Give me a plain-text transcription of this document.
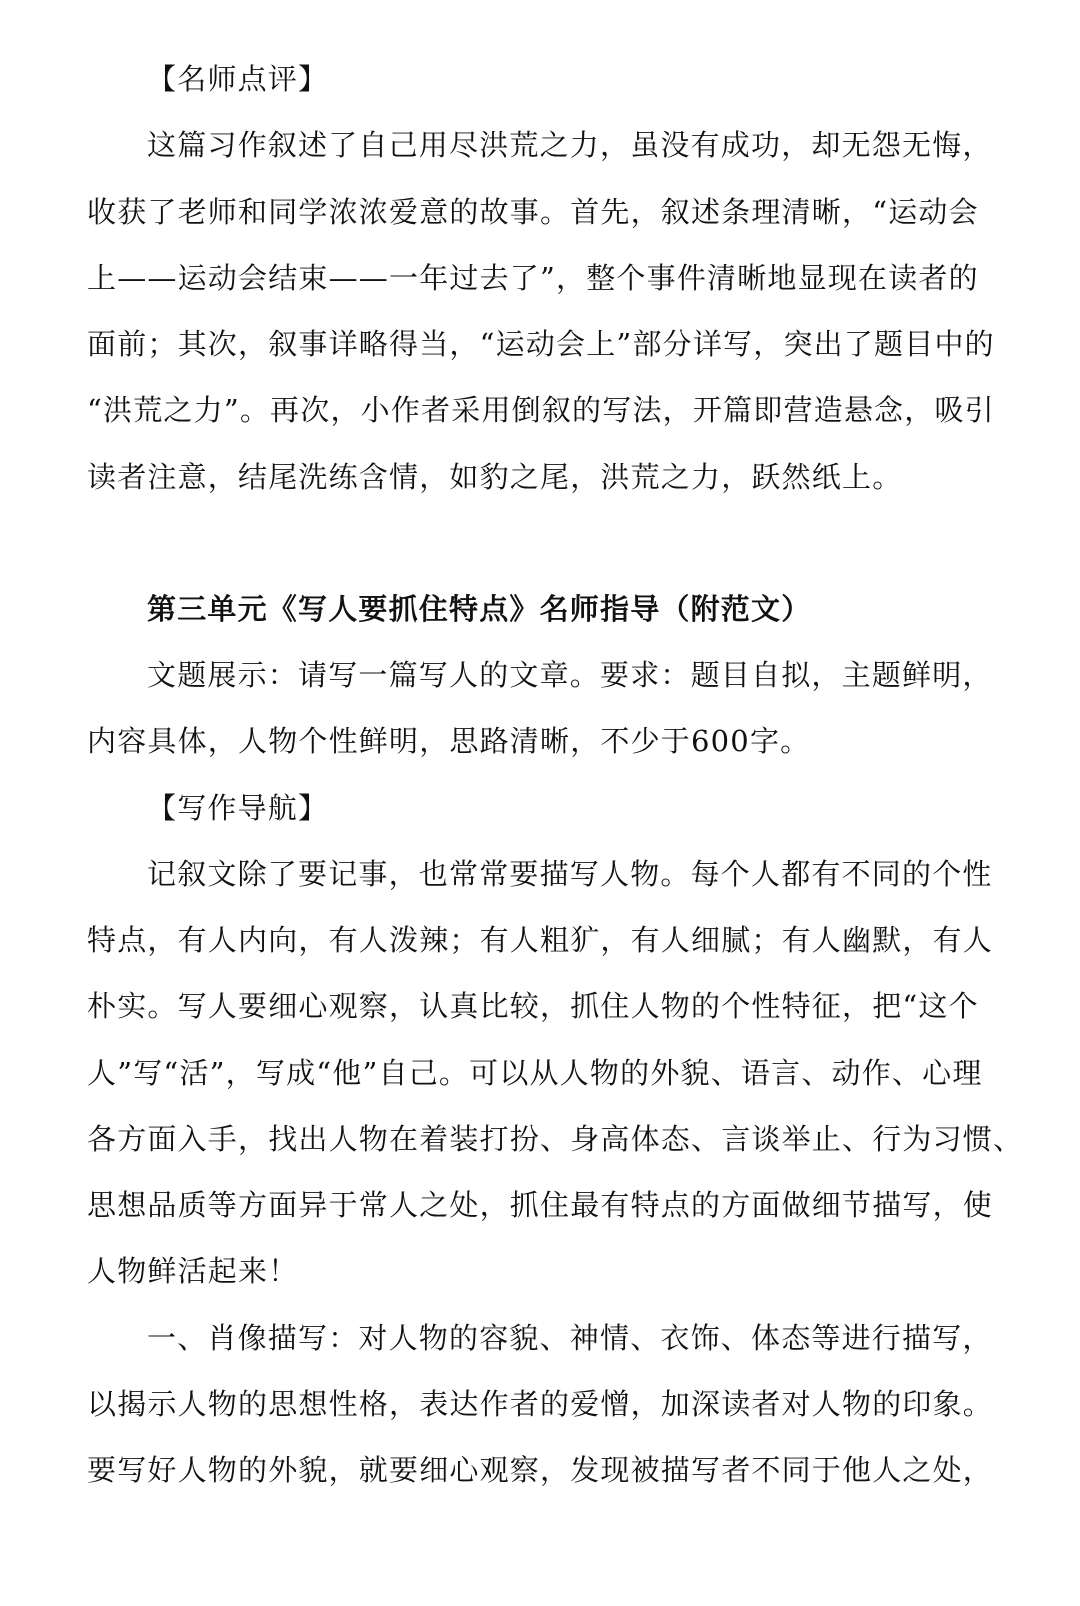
【名师点评】
这篇习作叙述了自己用尽洪荒之力，虽没有成功，却无怨无悔，
收获了老师和同学浓浓爱意的故事。首先，叙述条理清晰，“运动会
上——运动会结束——一年过去了”，整个事件清晰地显现在读者的
面前；其次，叙事详略得当，“运动会上”部分详写，突出了题目中的
“洪荒之力”。再次，小作者采用倒叙的写法，开篇即营造悬念，吸引
读者注意，结尾洗练含情，如豹之尾，洪荒之力，跃然纸上。
第三单元《写人要抓住特点》名师指导（附范文）
文题展示：请写一篇写人的文章。要求：题目自拟，主题鲜明，
内容具体，人物个性鲜明，思路清晰，不少于600字。
【写作导航】
记叙文除了要记事，也常常要描写人物。每个人都有不同的个性
特点，有人内向，有人泼辣；有人粗犷，有人细腻；有人幽默，有人
朴实。写人要细心观察，认真比较，抓住人物的个性特征，把“这个
人”写“活”，写成“他”自己。可以从人物的外貌、语言、动作、心理
各方面入手，找出人物在着装打扮、身高体态、言谈举止、行为习惯、
思想品质等方面异于常人之处，抓住最有特点的方面做细节描写，使
人物鲜活起来！
一、肖像描写：对人物的容貌、神情、衣饰、体态等进行描写，
以揭示人物的思想性格，表达作者的爱憎，加深读者对人物的印象。
要写好人物的外貌，就要细心观察，发现被描写者不同于他人之处，
